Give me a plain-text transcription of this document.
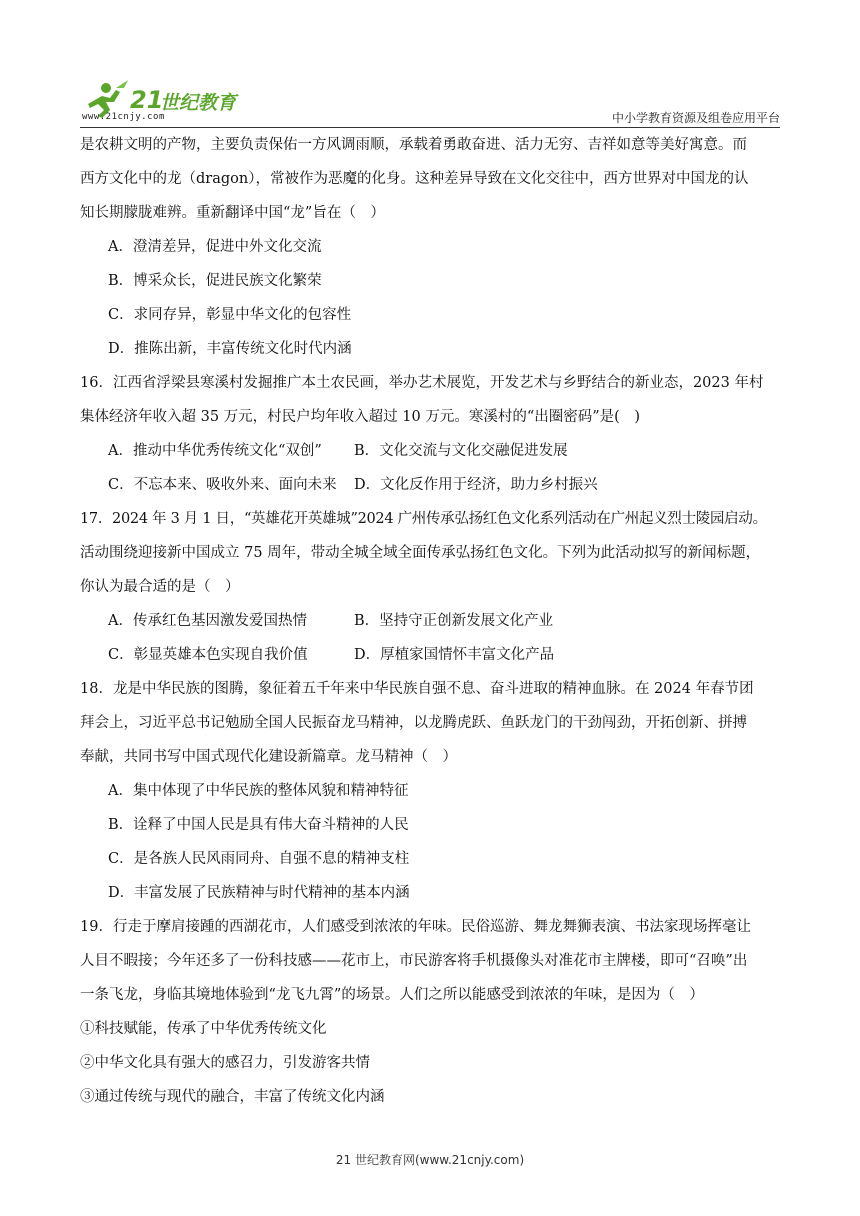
21
世纪教育
www.21cnjy.com	中小学教育资源及组卷应用平台

是农耕文明的产物，主要负责保佑一方风调雨顺，承载着勇敢奋进、活力无穷、吉祥如意等美好寓意。而

西方文化中的龙（dragon），常被作为恶魔的化身。这种差异导致在文化交往中，西方世界对中国龙的认

知长期朦胧难辨。重新翻译中国“龙”旨在（　）

A．澄清差异，促进中外文化交流

B．博采众长，促进民族文化繁荣

C．求同存异，彰显中华文化的包容性

D．推陈出新，丰富传统文化时代内涵

16．江西省浮梁县寒溪村发掘推广本土农民画，举办艺术展览，开发艺术与乡野结合的新业态，2023 年村

集体经济年收入超 35 万元，村民户均年收入超过 10 万元。寒溪村的“出圈密码”是(　)

A．推动中华优秀传统文化“双创”	B．文化交流与文化交融促进发展
C．不忘本来、吸收外来、面向未来	D．文化反作用于经济，助力乡村振兴

17．2024 年 3 月 1 日，“英雄花开英雄城”2024 广州传承弘扬红色文化系列活动在广州起义烈士陵园启动。

活动围绕迎接新中国成立 75 周年，带动全城全域全面传承弘扬红色文化。下列为此活动拟写的新闻标题，

你认为最合适的是（　）

A．传承红色基因激发爱国热情	B．坚持守正创新发展文化产业
C．彰显英雄本色实现自我价值	D．厚植家国情怀丰富文化产品

18．龙是中华民族的图腾，象征着五千年来中华民族自强不息、奋斗进取的精神血脉。在 2024 年春节团

拜会上，习近平总书记勉励全国人民振奋龙马精神，以龙腾虎跃、鱼跃龙门的干劲闯劲，开拓创新、拼搏

奉献，共同书写中国式现代化建设新篇章。龙马精神（　）

A．集中体现了中华民族的整体风貌和精神特征

B．诠释了中国人民是具有伟大奋斗精神的人民

C．是各族人民风雨同舟、自强不息的精神支柱

D．丰富发展了民族精神与时代精神的基本内涵

19．行走于摩肩接踵的西湖花市，人们感受到浓浓的年味。民俗巡游、舞龙舞狮表演、书法家现场挥毫让

人目不暇接；今年还多了一份科技感——花市上，市民游客将手机摄像头对准花市主牌楼，即可“召唤”出

一条飞龙，身临其境地体验到“龙飞九霄”的场景。人们之所以能感受到浓浓的年味，是因为（　）

①科技赋能，传承了中华优秀传统文化

②中华文化具有强大的感召力，引发游客共情

③通过传统与现代的融合，丰富了传统文化内涵

21 世纪教育网(www.21cnjy.com)
